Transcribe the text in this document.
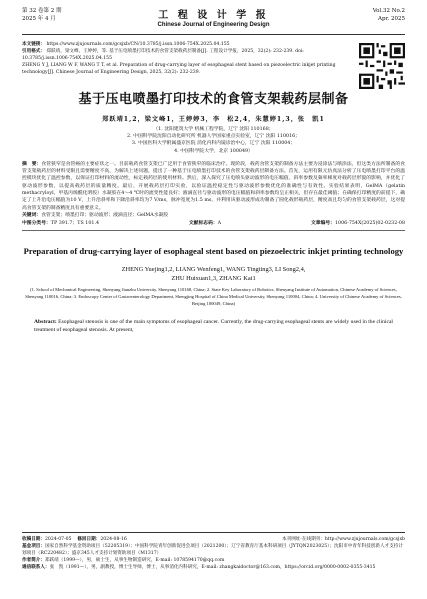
第 32 卷第 2 期
2025 年 4 月	工 程 设 计 学 报
Chinese Journal of Engineering Design
Vol.32 No.2
Apr. 2025
本文链接： https://www.zjujournals.com/gcsjxb/CN/10.3785/j.issn.1006-754X.2025.04.155
引用格式： 郑跃靖，梁文峰，王婷婷，等. 基于压电喷墨打印技术的食管支架载药层制备[J]. 工程设计学报，2025，32(2): 232-239. doi: 10.3785/j.issn.1006-754X.2025.04.155
ZHENG Y J, LIANG W F, WANG T T, et al. Preparation of drug-carrying layer of esophageal stent based on piezoelectric inkjet printing technology[J]. Chinese Journal of Engineering Design, 2025, 32(2): 232-239.
基于压电喷墨打印技术的食管支架载药层制备
郑跃靖1,2，梁文峰1，王婷婷3，李　松2,4，朱慧婷1,3，张　凯1
（1. 沈阳建筑大学 机械工程学院，辽宁 沈阳 110168；
2. 中国科学院沈阳自动化研究所 机器人学国家重点实验室，辽宁 沈阳 110016；
3. 中国医科大学附属盛京医院 消化内科内镜诊治中心，辽宁 沈阳 110004；
4. 中国科学院大学，北京 100049）
摘　要：食管狭窄是食管癌的主要症状之一。目前载药食管支架已广泛用于食管狭窄的临床治疗。现阶段，载药食管支架的制备方法主要为浸涂法与喷涂法，但这类方法所制备的食管支架载药层的材料受限且需要精度不高，为解决上述问题，提出了一种基于压电喷墨打印技术的食管支架载药层制备方法。首先，运用有限元仿真法分析了压电喷墨打印平台的温控模块优化了温控参数，以保证打印材料的流动性，标定载药层的使用材料。然后，深入探究了压电喷头驱动波形的电压幅值、斜率参数及频率梯度对载药层形貌的影响，并优化了驱动波形参数，以提高载药层的质量精度。最后，开展载药层打印实验，以验证温控稳定性与驱动波形参数优化的准确性与有效性。实验结果表明，GelMA（gelatin methacryloyl，甲基丙烯酰化明胶）水凝胶在4～4 ℃时的流变性能良好；液滴直径与驱动波形的电压幅值和斜率参数均呈正相关，但存在最佳阈值；在确保打印精度的前提下，确定了上升沿电压幅值为10 V，上升沿斜率和下降沿斜率均为7 V/ms，脉冲宽度为1.5 ms，并利用该驱动波形成功制备了圆化载形载药层，精度高且均匀的食管支架载药层，这对提高食管支架的制备精度具有重要意义。
关键词：食管支架；喷墨打印；驱动波形；液滴直径；GelMA水凝胶
中图分类号：TP 391.7；TS 101.4	文献标志码：A	文章编号：1006-754X(2025)02-0232-08
Preparation of drug-carrying layer of esophageal stent based on piezoelectric inkjet printing technology
ZHENG Yuejing1,2, LIANG Wenfeng1, WANG Tingting3, LI Song2,4,
ZHU Huixuan1,3, ZHANG Kai1
(1. School of Mechanical Engineering, Shenyang Jianzhu University, Shenyang 110168, China; 2. State Key Laboratory of Robotics, Shenyang Institute of Automation, Chinese Academy of Sciences, Shenyang 110016, China; 3. Endoscopy Center of Gastroenterology Department, Shengjing Hospital of China Medical University, Shenyang 110004, China; 4. University of Chinese Academy of Sciences, Beijing 100049, China)
Abstract: Esophageal stenosis is one of the main symptoms of esophageal cancer. Currently, the drug-carrying esophageal stents are widely used in the clinical treatment of esophageal stenosis. At present,
收稿日期：2024-07-05 修回日期：2024-08-16	本刊网址·在线期刊：http://www.zjujournals.com/gcsjxb
基金项目：国家自然科学基金资助项目（52205319）；中国科学院青年创新促进会项目（2021200）；辽宁省教育厅基本科研项目（JYTQN2023025）；沈阳市中青年科技创新人才支持计划项目（RC220482）；盛京345人才支持计划资助项目（M1317）
作者简介：郑跃靖（1999—），男，硕士生，从事生物制造研究，E-mail: 1078594170@qq.com
通信联系人：张　凯（1991—），男，副教授，博士生导师，博士，从事消化内科研究，E-mail: zhangkaidoctor@163.com，https://orcid.org/0000-0002-0355-3415
